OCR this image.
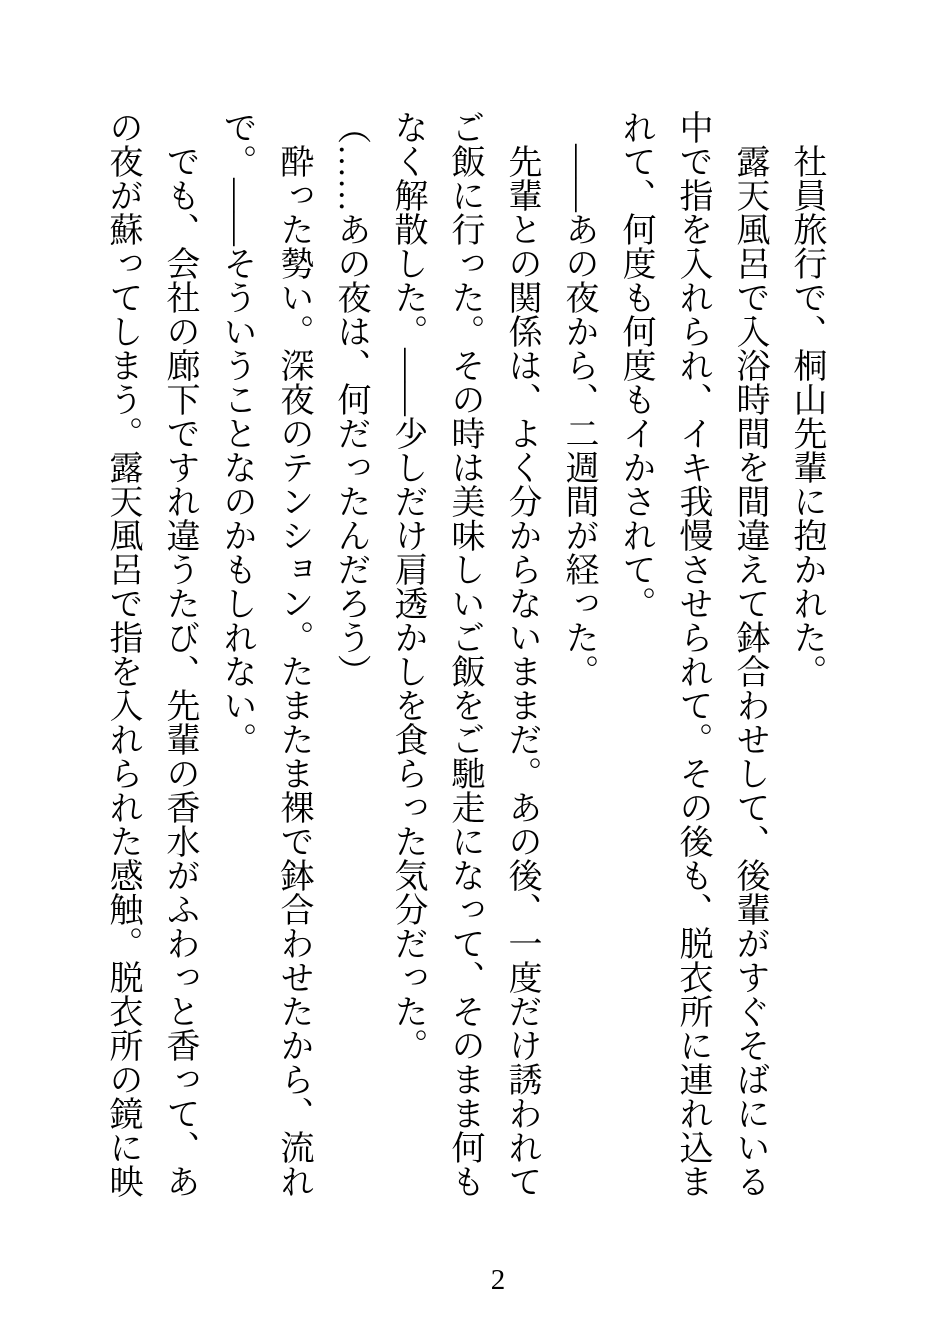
社員旅行で、桐山先輩に抱かれた。

露天風呂で入浴時間を間違えて鉢合わせして、後輩がすぐそばにいる中で指を入れられ、イキ我慢させられて。その後も、脱衣所に連れ込まれて、何度も何度もイかされて。

――あの夜から、二週間が経った。

先輩との関係は、よく分からないままだ。あの後、一度だけ誘われてご飯に行った。その時は美味しいご飯をご馳走になって、そのまま何もなく解散した。――少しだけ肩透かしを食らった気分だった。

（……あの夜は、何だったんだろう）

酔った勢い。深夜のテンション。たまたま裸で鉢合わせたから、流れで。――そういうことなのかもしれない。

でも、会社の廊下ですれ違うたび、先輩の香水がふわっと香って、あの夜が蘇ってしまう。露天風呂で指を入れられた感触。脱衣所の鏡に映

2
